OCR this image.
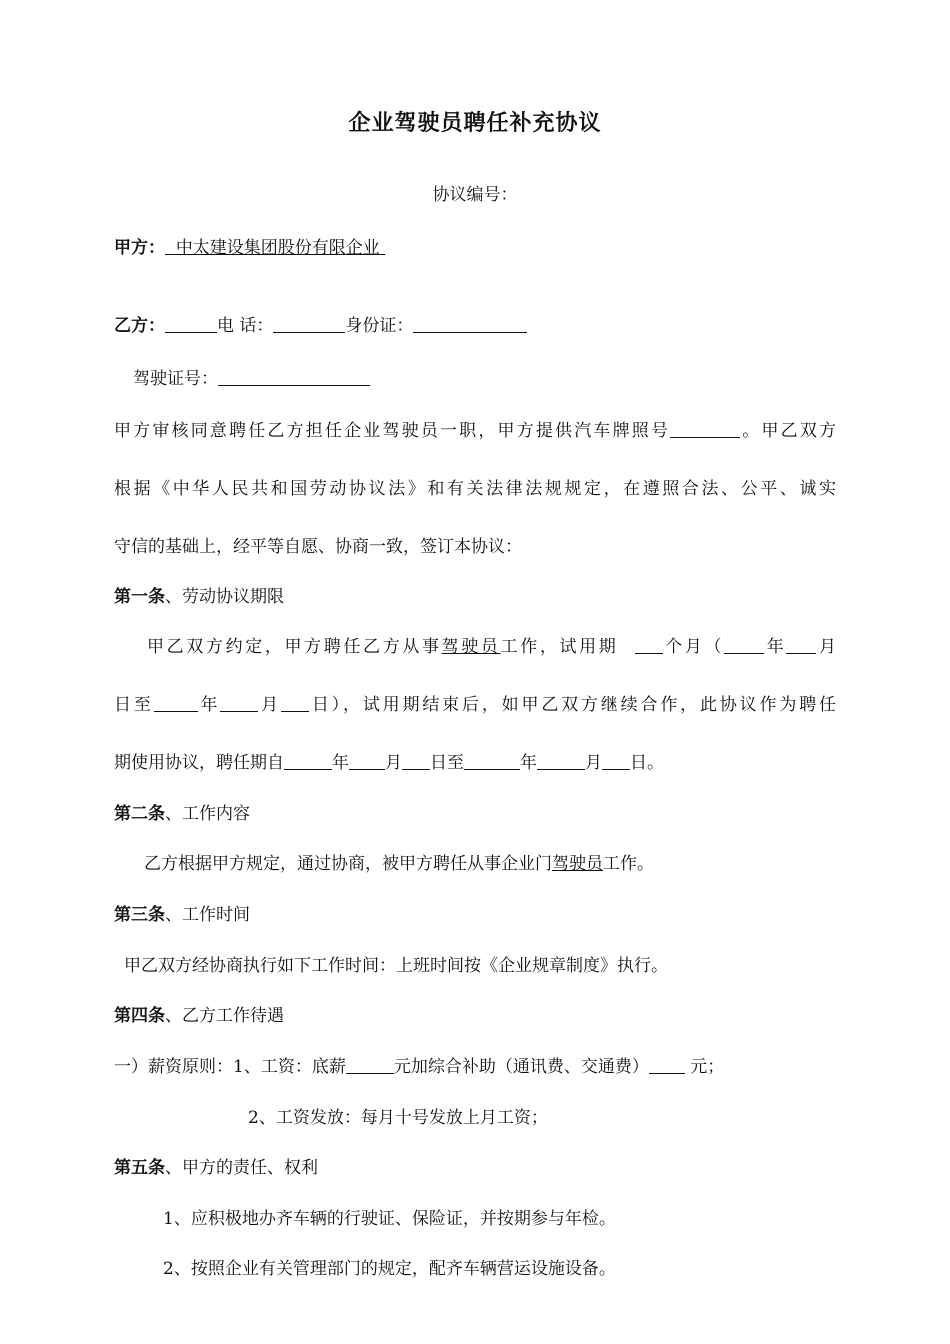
企业驾驶员聘任补充协议
协议编号：
甲方： 中太建设集团股份有限企业
乙方：	电 话：	身份证：
驾驶证号：
甲方审核同意聘任乙方担任企业驾驶员一职，甲方提供汽车牌照号	。甲乙双方
根据《中华人民共和国劳动协议法》和有关法律法规规定，在遵照合法、公平、诚实
守信的基础上，经平等自愿、协商一致，签订本协议：
第一条、劳动协议期限
甲乙双方约定，甲方聘任乙方从事驾驶员工作，试用期	个月（ 年 月
日至	年 月 日），试用期结束后，如甲乙双方继续合作，此协议作为聘任
期使用协议，聘任期自	年 月 日至	年	月 日。
第二条、工作内容
乙方根据甲方规定，通过协商，被甲方聘任从事企业门驾驶员工作。
第三条、工作时间
甲乙双方经协商执行如下工作时间：上班时间按《企业规章制度》执行。
第四条、乙方工作待遇
一）薪资原则：1、工资：底薪	元加综合补助（通讯费、交通费） 元；
2、工资发放：每月十号发放上月工资；
第五条、甲方的责任、权利
1、应积极地办齐车辆的行驶证、保险证，并按期参与年检。
2、按照企业有关管理部门的规定，配齐车辆营运设施设备。
